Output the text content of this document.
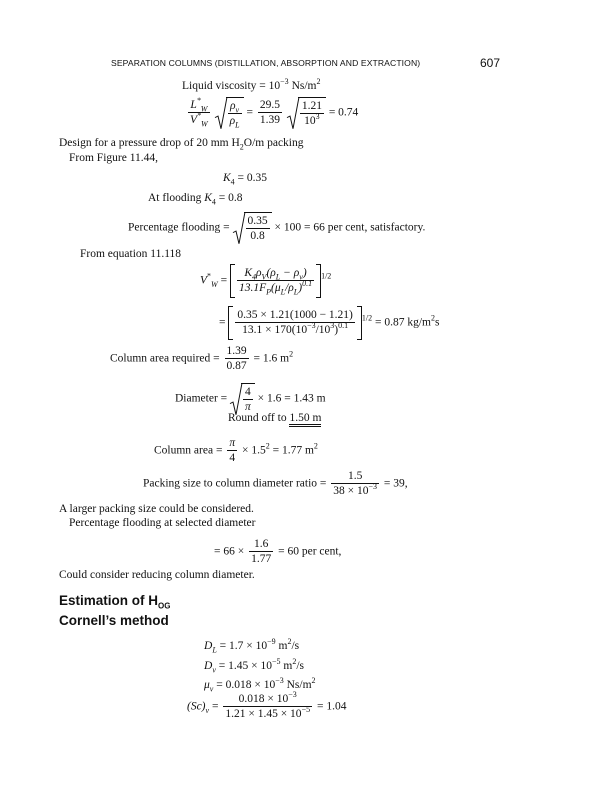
SEPARATION COLUMNS (DISTILLATION, ABSORPTION AND EXTRACTION)	607
Liquid viscosity = $10^{-3}$ $Ns/m^2$
$\frac{L^*_W}{V^*_W}$
$\frac{\rho_v}{\rho_L} = \frac{29.5}{1.39}$
$\frac{1.21}{10^3} = 0.74$
Design for a pressure drop of 20 mm $H_2O/m$ packing
From Figure 11.44,
$K_4 = 0.35$
At flooding $K_4 = 0.8$
Percentage flooding = $\frac{0.35}{0.8} \times 100 = 66$ per cent, satisfactory.
From equation 11.118
$V^*_W = \frac{K_4\rho_V(\rho_L - \rho_v)}{13.1F_P(\mu_L/\rho_L)^{0.1}} ^{1/2}$
= $\frac{0.35 \times 1.21(1000 - 1.21)}{13.1 \times 170(10^{-3}/10^3)^{0.1}} ^{1/2} = 0.87$ $kg/m^2s$
Column area required = $\frac{1.39}{0.87} = 1.6$ $m^2$
Diameter = $\frac{4}{\pi} \times 1.6 = 1.43$ m
Round off to 1.50 m
Column area = $\frac{\pi}{4} \times 1.5^2 = 1.77$ $m^2$
Packing size to column diameter ratio = $\frac{1.5}{38 \times 10^{-3}} = 39$,
A larger packing size could be considered.
Percentage flooding at selected diameter
= $66 \times \frac{1.6}{1.77} = 60$ per cent,
Could consider reducing column diameter.
Estimation of $H_{OG}$
Cornell’s method
$D_L = 1.7 \times 10^{-9}$ $m^2/s$
$D_v = 1.45 \times 10^{-5}$ $m^2/s$
$\mu_v = 0.018 \times 10^{-3}$ $Ns/m^2$
$(Sc)_v = \frac{0.018 \times 10^{-3}}{1.21 \times 1.45 \times 10^{-5}} = 1.04$
